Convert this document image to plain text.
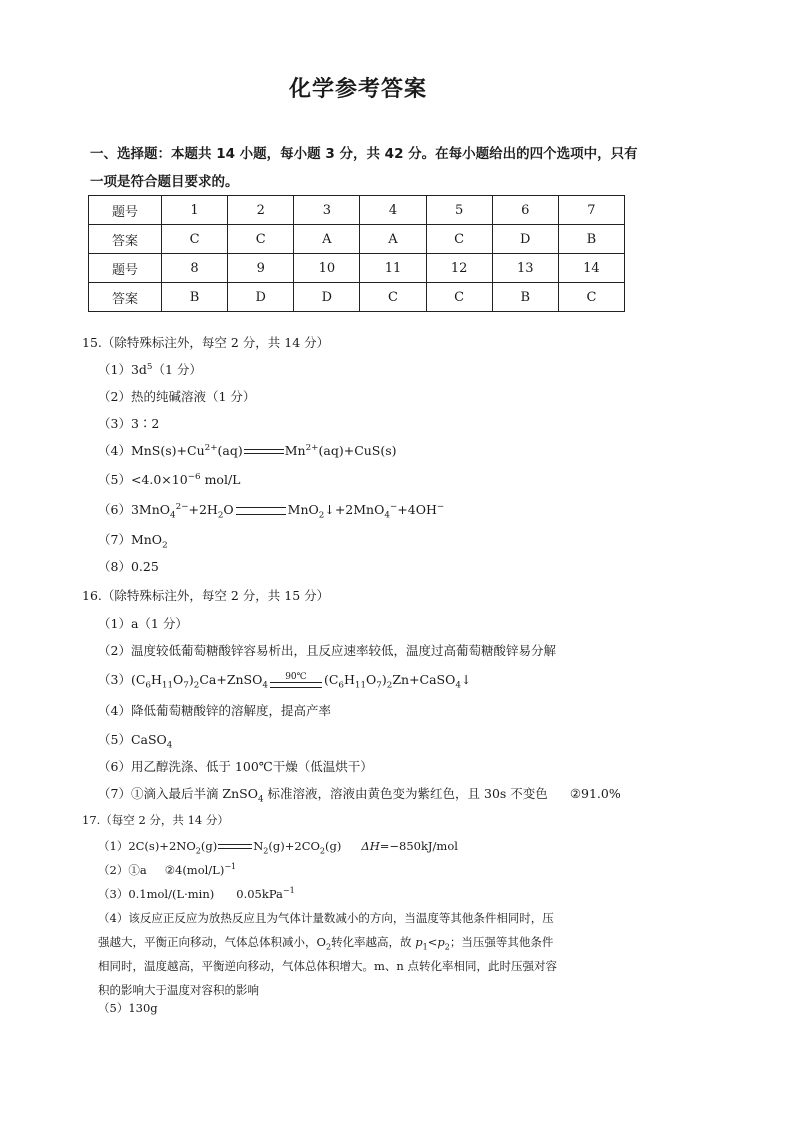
化学参考答案
一、选择题：本题共 14 小题，每小题 3 分，共 42 分。在每小题给出的四个选项中，只有一项是符合题目要求的。
题号	1	2	3	4	5	6	7
答案	C	C	A	A	C	D	B
题号	8	9	10	11	12	13	14
答案	B	D	D	C	C	B	C
15.（除特殊标注外，每空 2 分，共 14 分）
$(1)3d^5(1$ 分）
（2）热的纯碱溶液（1 分）
（3）3∶2
$(4)MnS(s)+Cu^{2+}(aq)$	$Mn^{2+}(aq)+CuS(s)$
$(5)<4.0\times 10^{-6}$ mol/L
$(6)3MnO_4^{2-}+2H_2O$	MnO$_2$↓+2MnO$_4$−+4OH−
（7）MnO$_2$
（8）0.25
16.（除特殊标注外，每空 2 分，共 15 分）
（1）a（1 分）
（2）温度较低葡萄糖酸锌容易析出，且反应速率较低，温度过高葡萄糖酸锌易分解
$(3)(C_6H_{11}O_7)_2Ca+ZnSO_4$
90℃	$(C_6H_{11}O_7)_2Zn+CaSO_4↓$
（4）降低葡萄糖酸锌的溶解度，提高产率
（5）CaSO$_4$
（6）用乙醇洗涤、低于 100℃干燥（低温烘干）
（7）①滴入最后半滴 ZnSO$_4$ 标准溶液，溶液由黄色变为紫红色，且 30s 不变色 ②91.0%
17.（每空 2 分，共 14 分）
$(1)2C(s)+2NO_2(g)$	$N_2(g)+2CO_2(g)$ ΔH=−850kJ/mol
（2）①a $②4(mol/L)^{-1}$
（3）0.1mol/(L·min) 0.05kPa$^{-1}$
（4）该反应正反应为放热反应且为气体计量数减小的方向，当温度等其他条件相同时，压强越大，平衡正向移动，气体总体积减小，$O_2$转化率越高，故 $p_1<p_2$；当压强等其他条件相同时，温度越高，平衡逆向移动，气体总体积增大。m、n 点转化率相同，此时压强对容积的影响大于温度对容积的影响
（5）130g
